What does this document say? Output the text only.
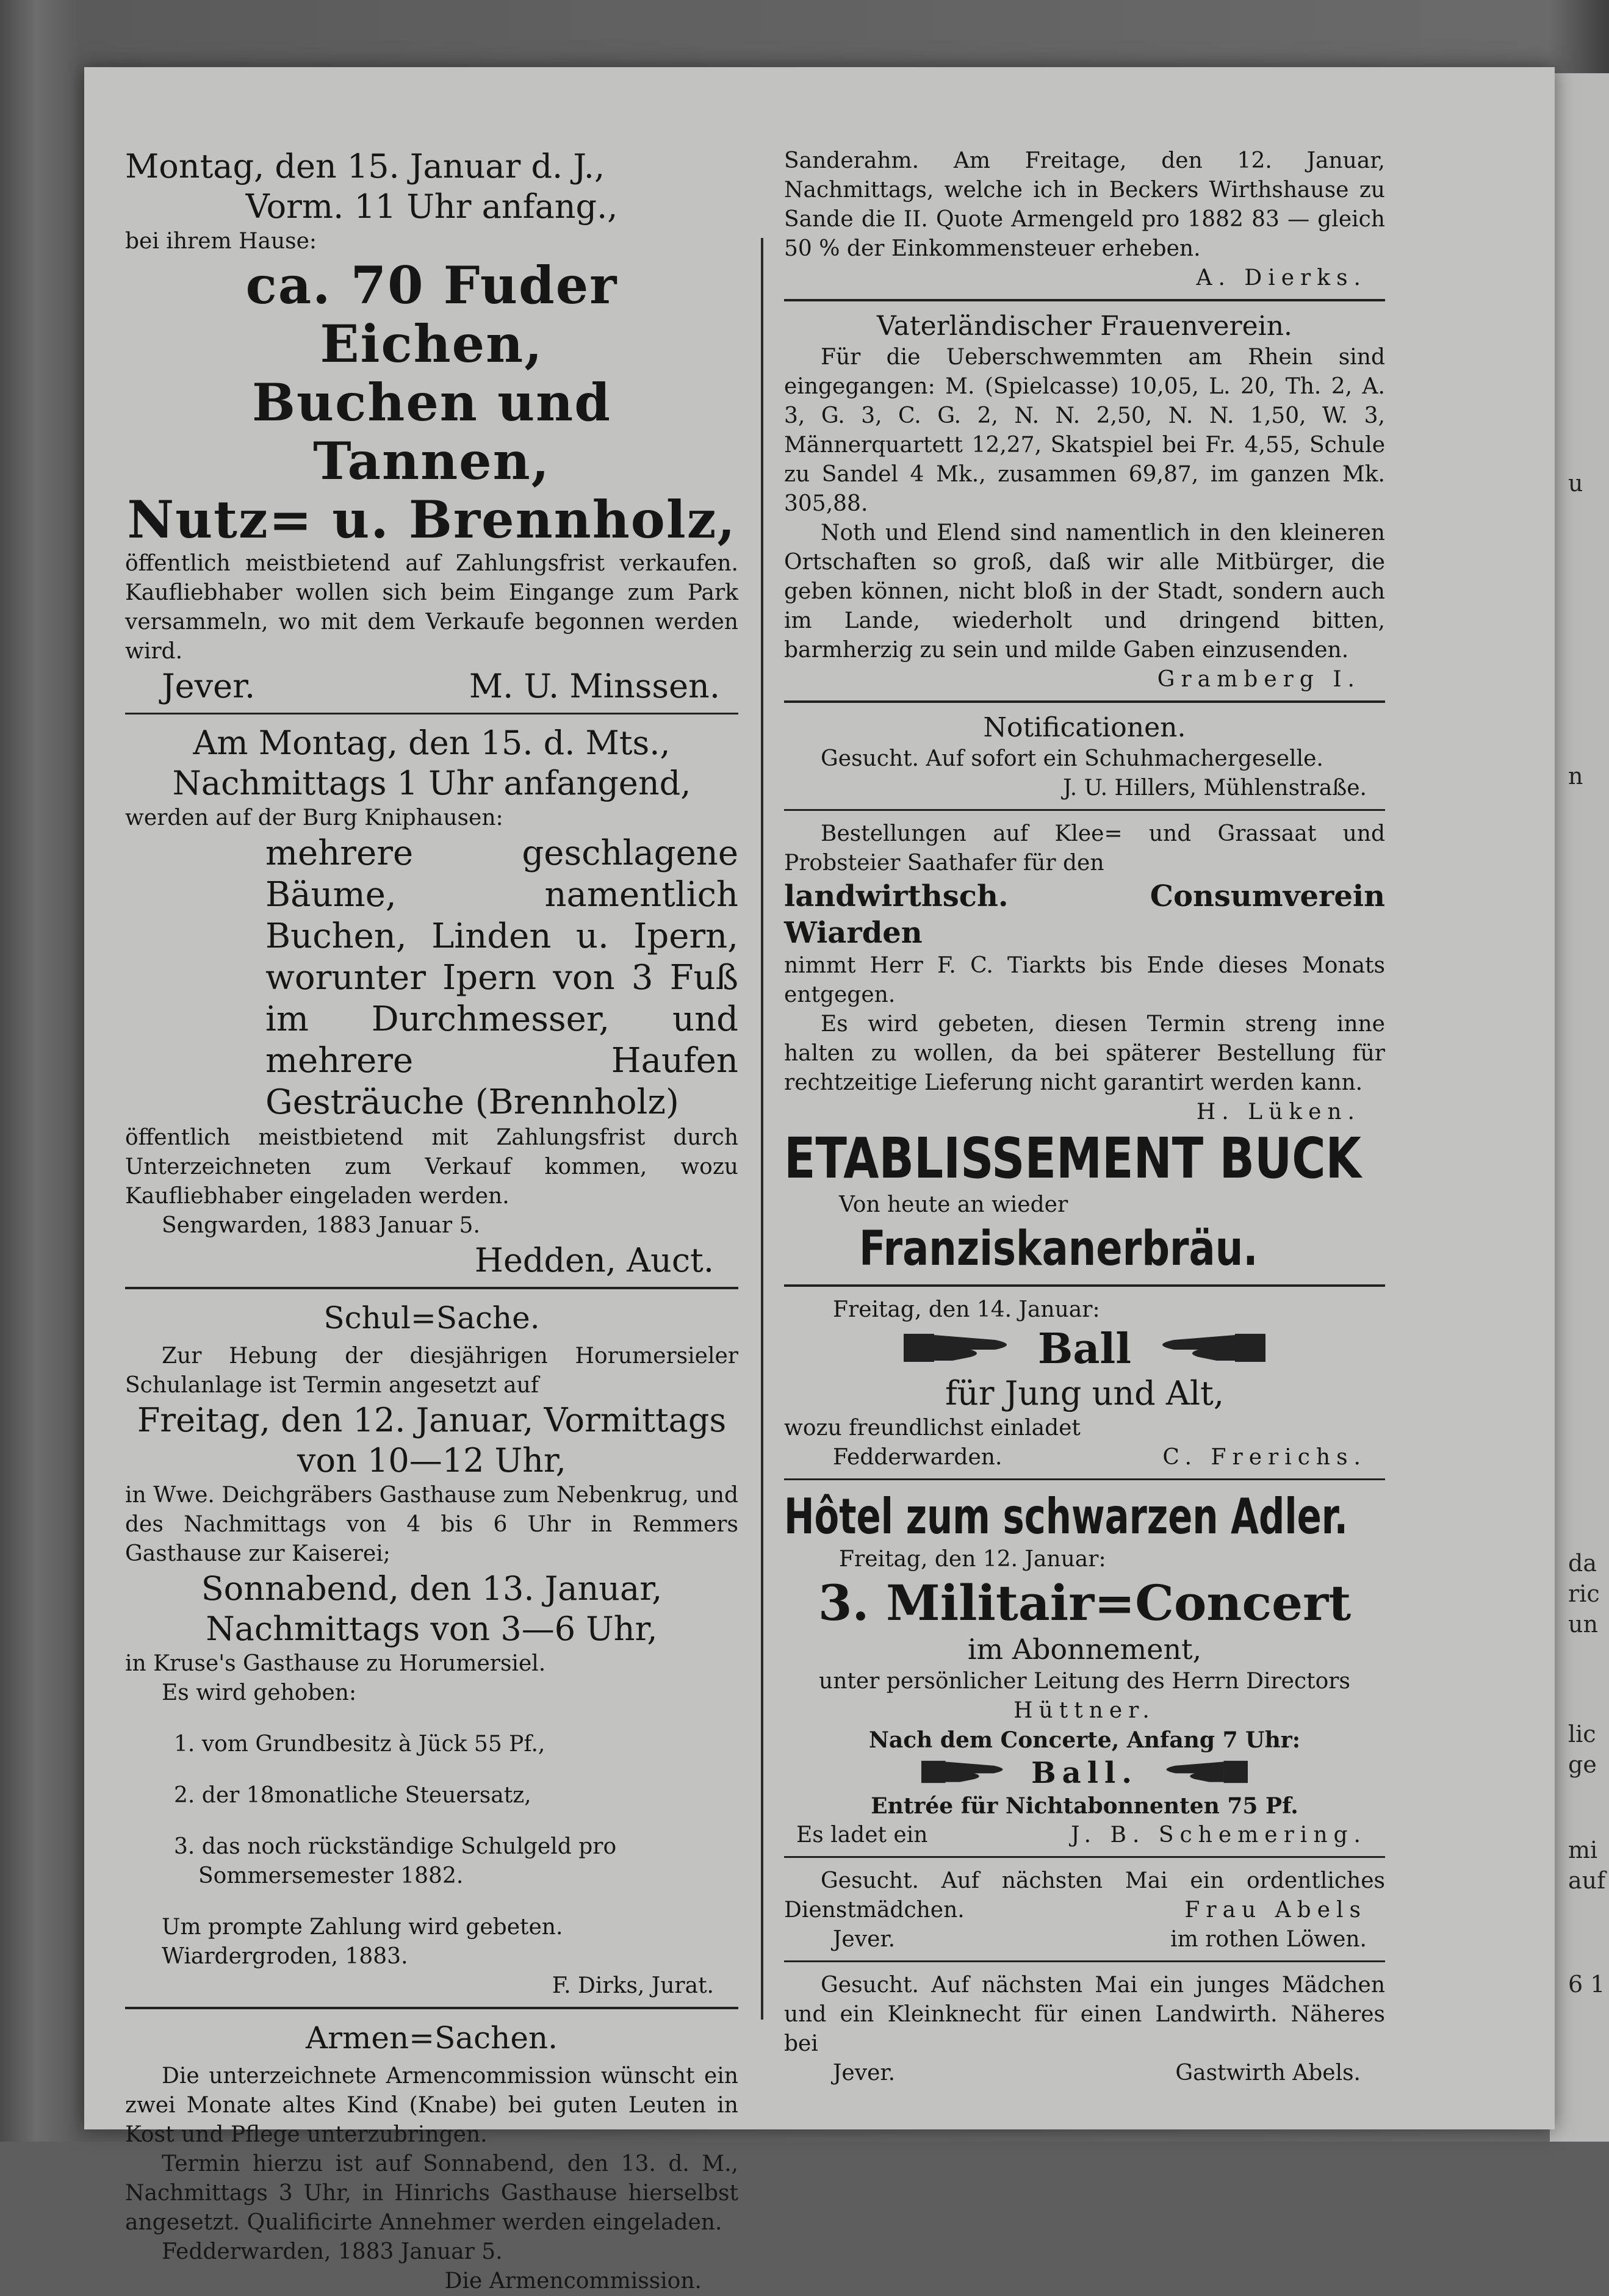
u
n
da
ric
un
lic
ge
mi
auf
6 1

Montag, den 15. Januar d. J.,

Vorm. 11 Uhr anfang.,

bei ihrem Hause:

ca. 70 Fuder Eichen,

Buchen und Tannen,

Nutz= u. Brennholz,

öffentlich meistbietend auf Zahlungsfrist verkaufen. Kaufliebhaber wollen sich beim Eingange zum Park versammeln, wo mit dem Verkaufe begonnen werden wird.

Jever.	M. U. Minssen.

Am Montag, den 15. d. Mts.,

Nachmittags 1 Uhr anfangend,

werden auf der Burg Kniphausen:

mehrere geschlagene Bäume, namentlich Buchen, Linden u. Ipern, worunter Ipern von 3 Fuß im Durchmesser, und mehrere Haufen Gesträuche (Brennholz)

öffentlich meistbietend mit Zahlungsfrist durch Unterzeichneten zum Verkauf kommen, wozu Kaufliebhaber eingeladen werden.

Sengwarden, 1883 Januar 5.

Hedden, Auct.

Schul=Sache.

Zur Hebung der diesjährigen Horumersieler Schulanlage ist Termin angesetzt auf

Freitag, den 12. Januar, Vormittags von 10—12 Uhr,

in Wwe. Deichgräbers Gasthause zum Nebenkrug, und des Nachmittags von 4 bis 6 Uhr in Remmers Gasthause zur Kaiserei;

Sonnabend, den 13. Januar, Nachmittags von 3—6 Uhr,

in Kruse's Gasthause zu Horumersiel.

Es wird gehoben:

1. vom Grundbesitz à Jück 55 Pf.,

2. der 18monatliche Steuersatz,

3. das noch rückständige Schulgeld pro Sommersemester 1882.

Um prompte Zahlung wird gebeten.

Wiardergroden, 1883.

F. Dirks, Jurat.

Armen=Sachen.

Die unterzeichnete Armencommission wünscht ein zwei Monate altes Kind (Knabe) bei guten Leuten in Kost und Pflege unterzubringen.

Termin hierzu ist auf Sonnabend, den 13. d. M., Nachmittags 3 Uhr, in Hinrichs Gasthause hierselbst angesetzt. Qualificirte Annehmer werden eingeladen.

Fedderwarden, 1883 Januar 5.

Die Armencommission.

Sanderahm. Am Freitage, den 12. Januar, Nachmittags, welche ich in Beckers Wirthshause zu Sande die II. Quote Armengeld pro 1882 83 — gleich 50 % der Einkommensteuer erheben.

A. Dierks.

Vaterländischer Frauenverein.

Für die Ueberschwemmten am Rhein sind eingegangen: M. (Spielcasse) 10,05, L. 20, Th. 2, A. 3, G. 3, C. G. 2, N. N. 2,50, N. N. 1,50, W. 3, Männerquartett 12,27, Skatspiel bei Fr. 4,55, Schule zu Sandel 4 Mk., zusammen 69,87, im ganzen Mk. 305,88.

Noth und Elend sind namentlich in den kleineren Ortschaften so groß, daß wir alle Mitbürger, die geben können, nicht bloß in der Stadt, sondern auch im Lande, wiederholt und dringend bitten, barmherzig zu sein und milde Gaben einzusenden.

Gramberg I.

Notificationen.

Gesucht. Auf sofort ein Schuhmachergeselle.

J. U. Hillers, Mühlenstraße.

Bestellungen auf Klee= und Grassaat und Probsteier Saathafer für den

landwirthsch. Consumverein Wiarden

nimmt Herr F. C. Tiarkts bis Ende dieses Monats entgegen.

Es wird gebeten, diesen Termin streng inne halten zu wollen, da bei späterer Bestellung für rechtzeitige Lieferung nicht garantirt werden kann.

H. Lüken.

ETABLISSEMENT BUCK

Von heute an wieder

Franziskanerbräu.

Freitag, den 14. Januar:

Ball

für Jung und Alt,

wozu freundlichst einladet

Fedderwarden.	C. Frerichs.
Hôtel zum schwarzen Adler.

Freitag, den 12. Januar:

3. Militair=Concert

im Abonnement,

unter persönlicher Leitung des Herrn Directors

Hüttner.

Nach dem Concerte, Anfang 7 Uhr:

Ball.

Entrée für Nichtabonnenten 75 Pf.

Es ladet ein	J. B. Schemering.

Gesucht. Auf nächsten Mai ein ordentliches Dienstmädchen.	Frau Abels

Jever.	im rothen Löwen.

Gesucht. Auf nächsten Mai ein junges Mädchen und ein Kleinknecht für einen Landwirth. Näheres bei

Jever.	Gastwirth Abels.
